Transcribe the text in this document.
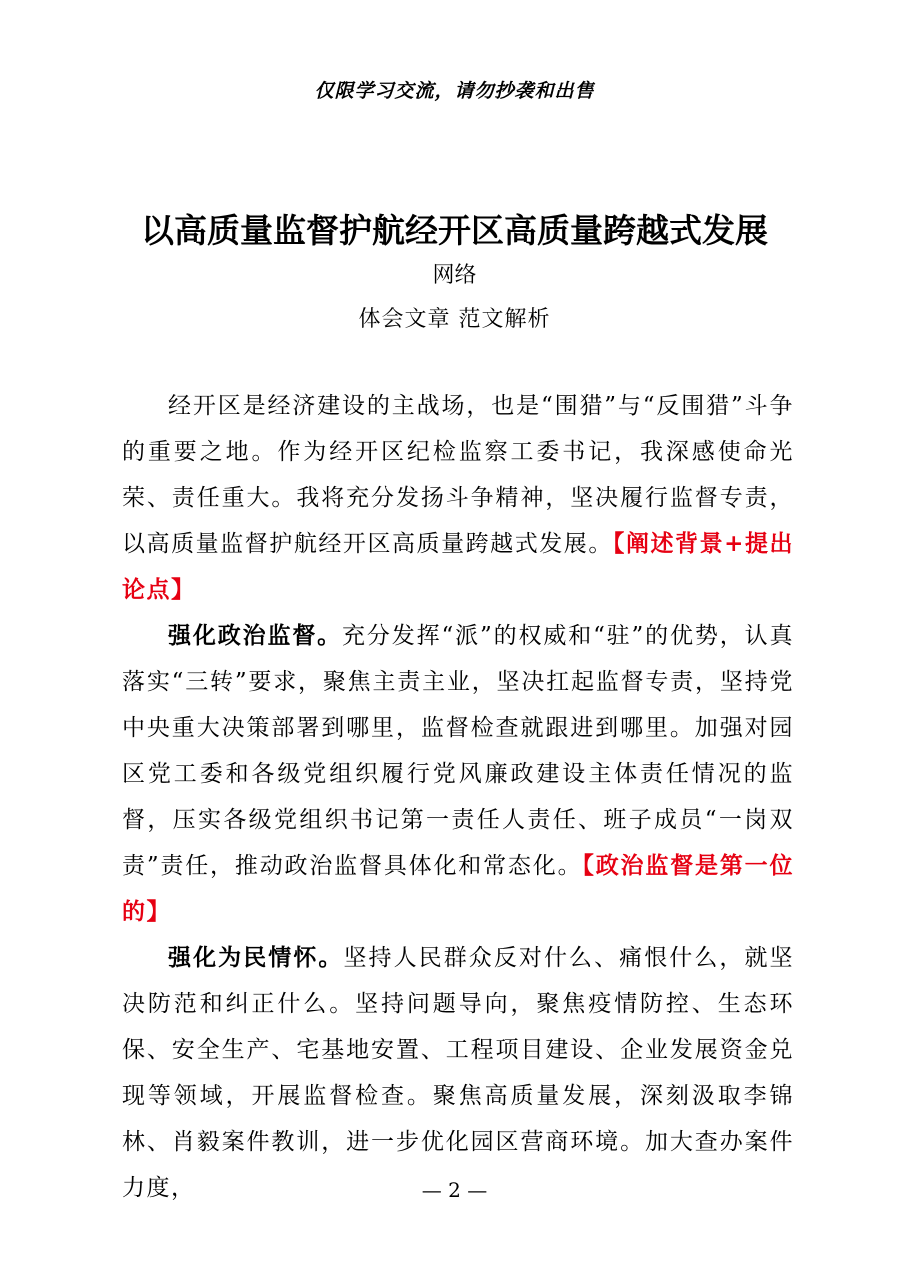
仅限学习交流，请勿抄袭和出售
以高质量监督护航经开区高质量跨越式发展
网络
体会文章 范文解析

经开区是经济建设的主战场，也是“围猎”与“反围猎”斗争的重要之地。作为经开区纪检监察工委书记，我深感使命光荣、责任重大。我将充分发扬斗争精神，坚决履行监督专责，以高质量监督护航经开区高质量跨越式发展。【阐述背景+提出论点】

强化政治监督。充分发挥“派”的权威和“驻”的优势，认真落实“三转”要求，聚焦主责主业，坚决扛起监督专责，坚持党中央重大决策部署到哪里，监督检查就跟进到哪里。加强对园区党工委和各级党组织履行党风廉政建设主体责任情况的监督，压实各级党组织书记第一责任人责任、班子成员“一岗双责”责任，推动政治监督具体化和常态化。【政治监督是第一位的】

强化为民情怀。坚持人民群众反对什么、痛恨什么，就坚决防范和纠正什么。坚持问题导向，聚焦疫情防控、生态环保、安全生产、宅基地安置、工程项目建设、企业发展资金兑现等领域，开展监督检查。聚焦高质量发展，深刻汲取李锦林、肖毅案件教训，进一步优化园区营商环境。加大查办案件力度，	— 2 —
